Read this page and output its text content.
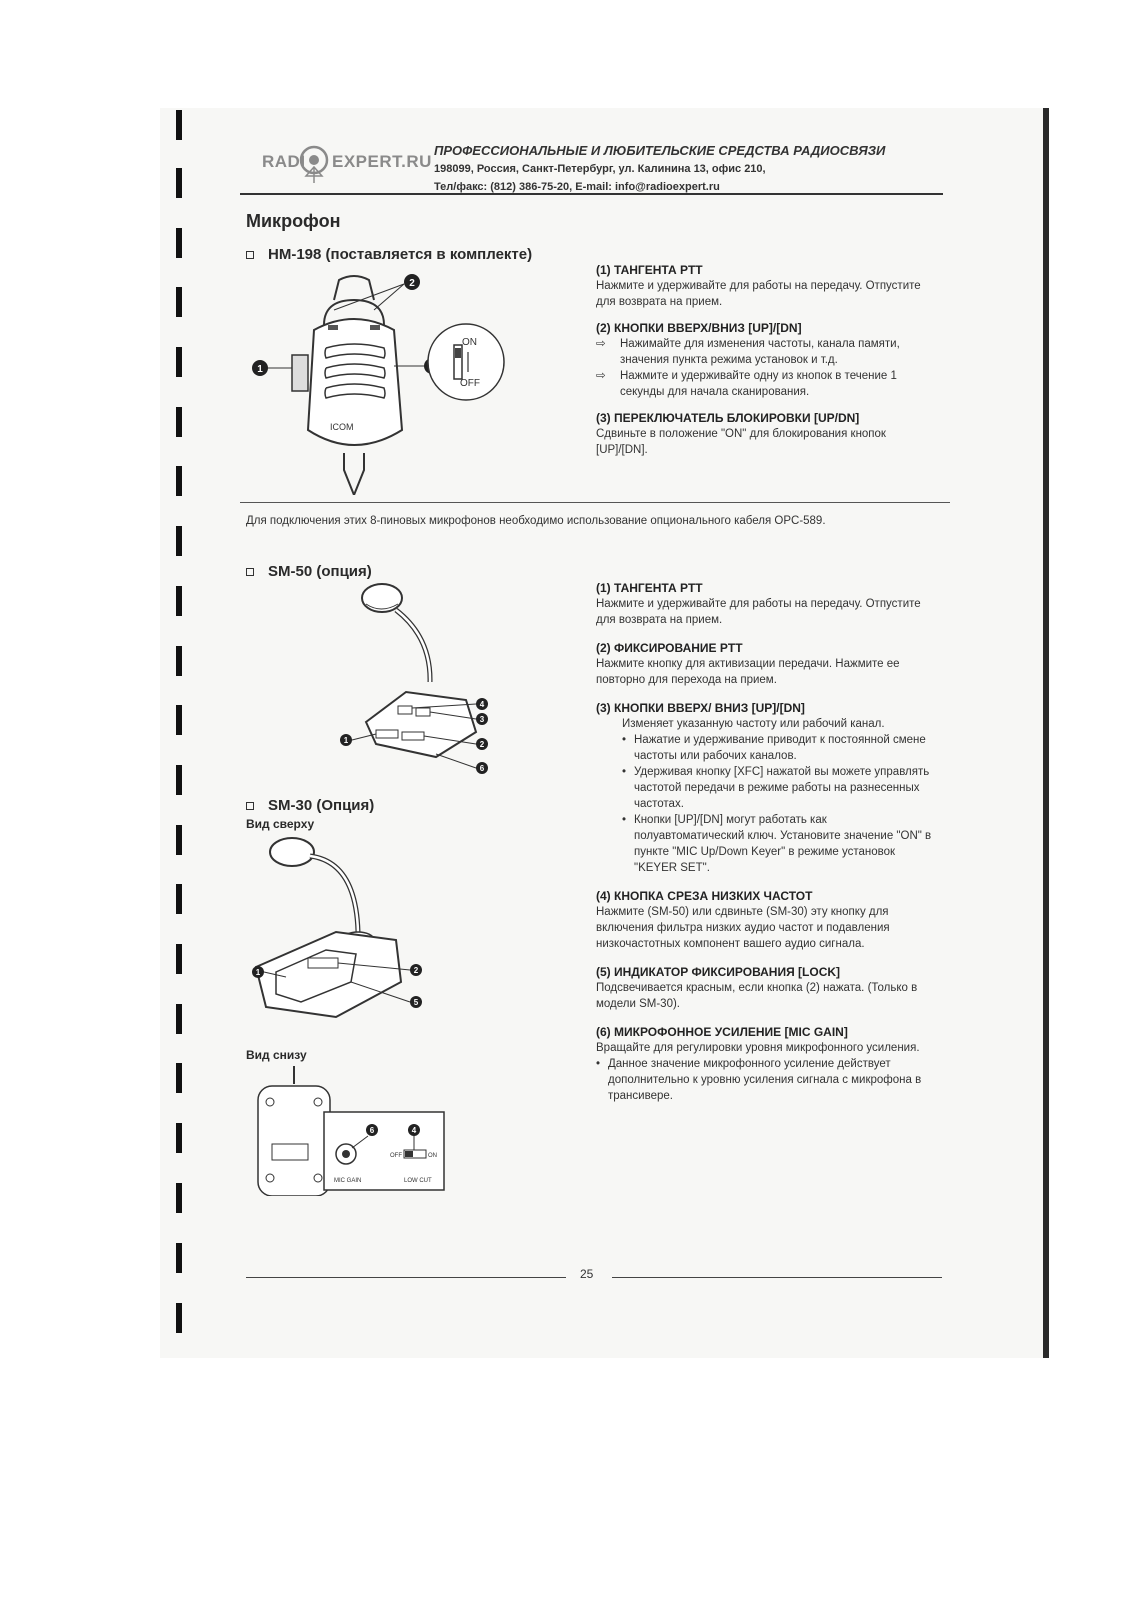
RADI EXPERT.RU
ПРОФЕССИОНАЛЬНЫЕ И ЛЮБИТЕЛЬСКИЕ СРЕДСТВА РАДИОСВЯЗИ
198099, Россия, Санкт-Петербург, ул. Калинина 13, офис 210,
Тел/факс: (812) 386-75-20, E-mail: info@radioexpert.ru
Микрофон
HM-198 (поставляется в комплекте)
ICOM
1
2
ON
OFF
(1) ТАНГЕНТА PTT

Нажмите и удерживайте для работы на передачу. Отпустите для возврата на прием.

(2) КНОПКИ ВВЕРХ/ВНИЗ [UP]/[DN]

⇨ Нажимайте для изменения частоты, канала памяти, значения пункта режима установок и т.д.

⇨ Нажмите и удерживайте одну из кнопок в течение 1 секунды для начала сканирования.

(3) ПЕРЕКЛЮЧАТЕЛЬ БЛОКИРОВКИ [UP/DN]

Сдвиньте в положение "ON" для блокирования кнопок [UP]/[DN].

Для подключения этих 8-пиновых микрофонов необходимо использование опционального кабеля OPC-589.
SM-50 (опция)
1	2
3
4
6
SM-30 (Опция)
Вид сверху
1	2
5
Вид снизу
MIC GAIN	LOW CUT
OFF	ON
6	4
(1) ТАНГЕНТА PTT

Нажмите и удерживайте для работы на передачу. Отпустите для возврата на прием.

(2) ФИКСИРОВАНИЕ PTT

Нажмите кнопку для активизации передачи. Нажмите ее повторно для перехода на прием.

(3) КНОПКИ ВВЕРХ/ ВНИЗ [UP]/[DN]

Изменяет указанную частоту или рабочий канал.

• Нажатие и удерживание приводит к постоянной смене частоты или рабочих каналов.

• Удерживая кнопку [XFC] нажатой вы можете управлять частотой передачи в режиме работы на разнесенных частотах.

• Кнопки [UP]/[DN] могут работать как полуавтоматический ключ. Установите значение "ON" в пункте "MIC Up/Down Keyer" в режиме установок "KEYER SET".

(4) КНОПКА СРЕЗА НИЗКИХ ЧАСТОТ

Нажмите (SM-50) или сдвиньте (SM-30) эту кнопку для включения фильтра низких аудио частот и подавления низкочастотных компонент вашего аудио сигнала.

(5) ИНДИКАТОР ФИКСИРОВАНИЯ [LOCK]

Подсвечивается красным, если кнопка (2) нажата. (Только в модели SM-30).

(6) МИКРОФОННОЕ УСИЛЕНИЕ [MIC GAIN]

Вращайте для регулировки уровня микрофонного усиления.

• Данное значение микрофонного усиление действует дополнительно к уровню усиления сигнала с микрофона в трансивере.

25
